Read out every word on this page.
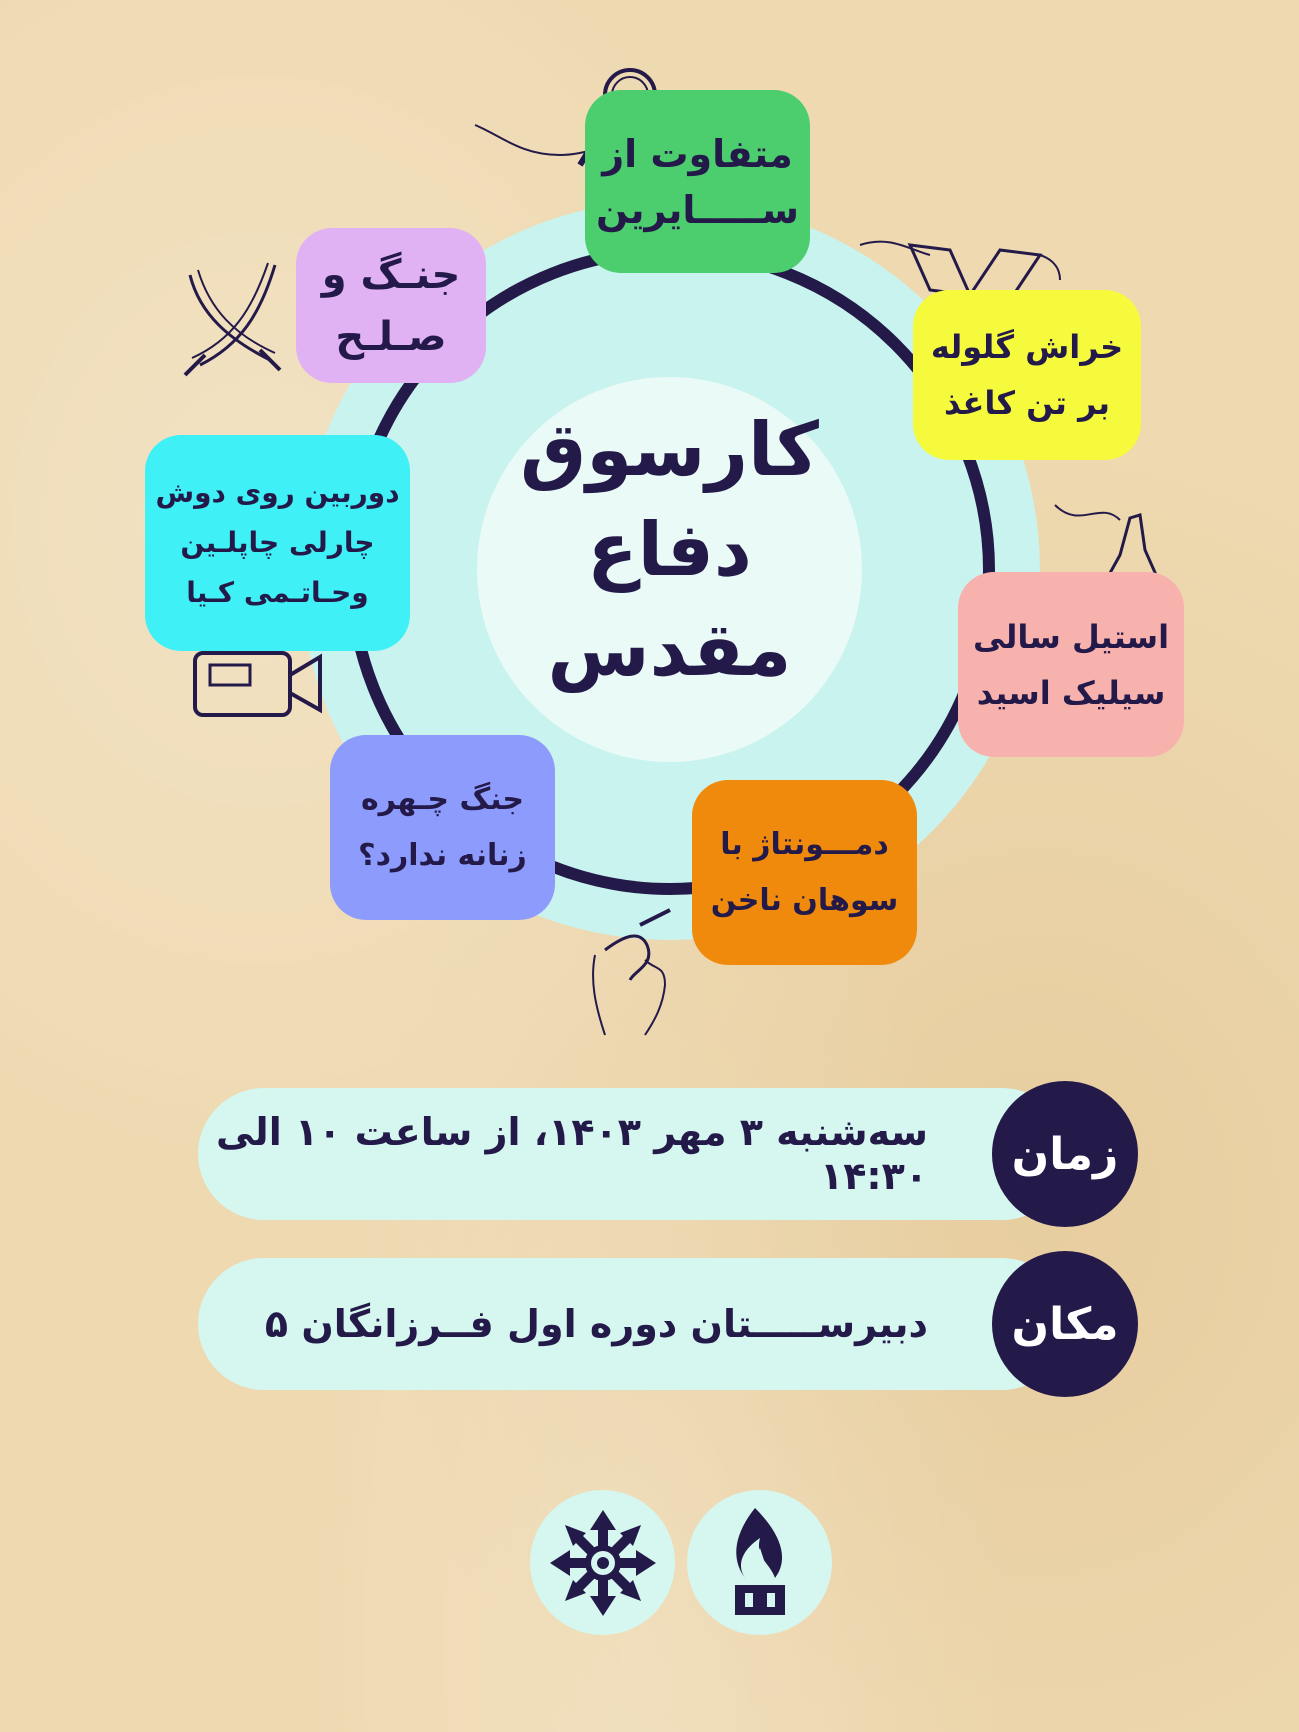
کارسوق
دفاع
مقدس
متفاوت از
ســـــایرین
جنـگ و
صـلـح	خراش گلوله
بر تن کاغذ
دوربین روی دوش
چارلی چاپلـین
وحـاتـمی کـیا
استیل سالی
سیلیک اسید
جنگ چـهره
زنانه ندارد؟	دمـــونتاژ با
سوهان ناخن
سه‌شنبه ۳ مهر ۱۴۰۳، از ساعت ۱۰ الی ۱۴:۳۰ زمان
دبیرســـــتان دوره اول فــرزانگان ۵ مکان
